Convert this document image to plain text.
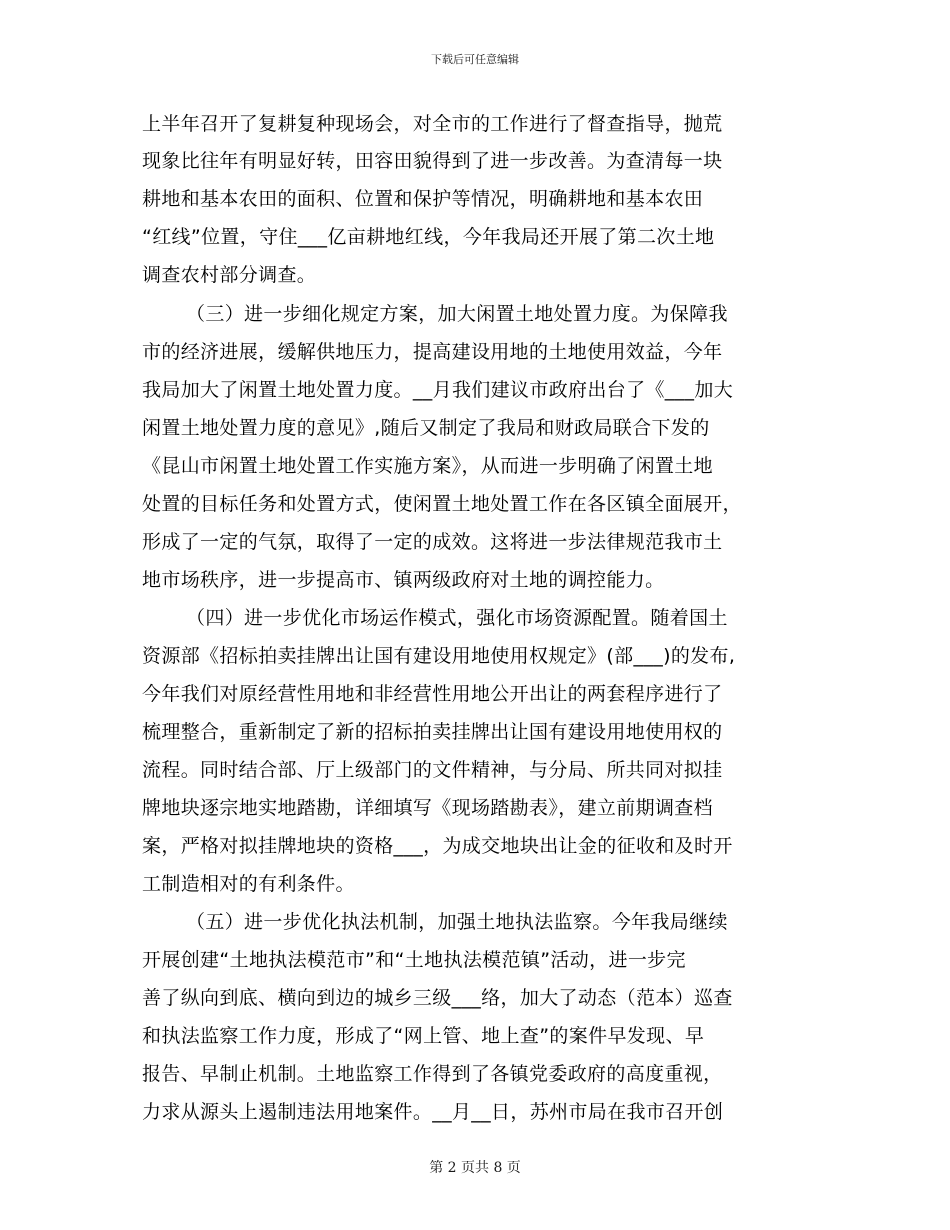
下载后可任意编辑
上半年召开了复耕复种现场会，对全市的工作进行了督查指导，抛荒
现象比往年有明显好转，田容田貌得到了进一步改善。为查清每一块
耕地和基本农田的面积、位置和保护等情况，明确耕地和基本农田
“红线”位置，守住___亿亩耕地红线，今年我局还开展了第二次土地
调查农村部分调查。
（三）进一步细化规定方案，加大闲置土地处置力度。为保障我
市的经济进展，缓解供地压力，提高建设用地的土地使用效益，今年
我局加大了闲置土地处置力度。__月我们建议市政府出台了《___加大
闲置土地处置力度的意见》,随后又制定了我局和财政局联合下发的
《昆山市闲置土地处置工作实施方案》，从而进一步明确了闲置土地
处置的目标任务和处置方式，使闲置土地处置工作在各区镇全面展开，
形成了一定的气氛，取得了一定的成效。这将进一步法律规范我市土
地市场秩序，进一步提高市、镇两级政府对土地的调控能力。
（四）进一步优化市场运作模式，强化市场资源配置。随着国土
资源部《招标拍卖挂牌出让国有建设用地使用权规定》(部___)的发布,
今年我们对原经营性用地和非经营性用地公开出让的两套程序进行了
梳理整合，重新制定了新的招标拍卖挂牌出让国有建设用地使用权的
流程。同时结合部、厅上级部门的文件精神，与分局、所共同对拟挂
牌地块逐宗地实地踏勘，详细填写《现场踏勘表》，建立前期调查档
案，严格对拟挂牌地块的资格___，为成交地块出让金的征收和及时开
工制造相对的有利条件。
（五）进一步优化执法机制，加强土地执法监察。今年我局继续
开展创建“土地执法模范市”和“土地执法模范镇”活动，进一步完
善了纵向到底、横向到边的城乡三级___络，加大了动态（范本）巡查
和执法监察工作力度，形成了“网上管、地上查”的案件早发现、早
报告、早制止机制。土地监察工作得到了各镇党委政府的高度重视，
力求从源头上遏制违法用地案件。__月__日，苏州市局在我市召开创
第 2 页共 8 页
